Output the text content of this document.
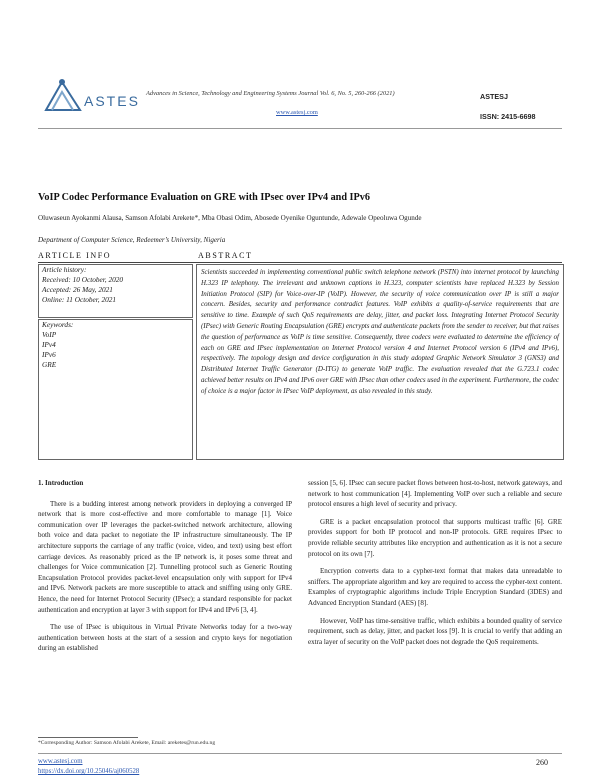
ASTES Advances in Science, Technology and Engineering Systems Journal Vol. 6, No. 5, 260-266 (2021)
www.astesj.com
ASTESJ
ISSN: 2415-6698
VoIP Codec Performance Evaluation on GRE with IPsec over IPv4 and IPv6
Oluwaseun Ayokanmi Alausa, Samson Afolabi Arekete*, Mba Obasi Odim, Abosede Oyenike Oguntunde, Adewale Opeoluwa Ogunde
Department of Computer Science, Redeemer’s University, Nigeria
ARTICLE INFO	ABSTRACT
Article history:
Received: 10 October, 2020
Accepted: 26 May, 2021
Online: 11 October, 2021
Keywords:
VoIP
IPv4
IPv6
GRE
Scientists succeeded in implementing conventional public switch telephone network (PSTN) into internet protocol by launching H.323 IP telephony. The irrelevant and unknown captions in H.323, computer scientists have replaced H.323 by Session Initiation Protocol (SIP) for Voice-over-IP (VoIP). However, the security of voice communication over IP is still a major concern. Besides, security and performance contradict features. VoIP exhibits a quality-of-service requirements that are sensitive to time. Example of such QoS requirements are delay, jitter, and packet loss. Integrating Internet Protocol Security (IPsec) with Generic Routing Encapsulation (GRE) encrypts and authenticate packets from the sender to receiver, but that raises the question of performance as VoIP is time sensitive. Consequently, three codecs were evaluated to determine the efficiency of each on GRE and IPsec implementation on Internet Protocol version 4 and Internet Protocol version 6 (IPv4 and IPv6), respectively. The topology design and device configuration in this study adopted Graphic Network Simulator 3 (GNS3) and Distributed Internet Traffic Generator (D-ITG) to generate VoIP traffic. The evaluation revealed that the G.723.1 codec achieved better results on IPv4 and IPv6 over GRE with IPsec than other codecs used in the experiment. Furthermore, the codec of choice is a major factor in IPsec VoIP deployment, as also revealed in this study.

1. Introduction

There is a budding interest among network providers in deploying a converged IP network that is more cost-effective and more comfortable to manage [1]. Voice communication over IP leverages the packet-switched network architecture, allowing both voice and data packet to negotiate the IP infrastructure simultaneously. The IP architecture supports the carriage of any traffic (voice, video, and text) using best effort carriage devices. As reasonably priced as the IP network is, it poses some threat and challenges for Voice communication [2]. Tunnelling protocol such as Generic Routing Encapsulation Protocol provides packet-level encapsulation only with support for IPv4 and IPv6. Network packets are more susceptible to attack and sniffing using only GRE. Hence, the need for Internet Protocol Security (IPsec); a standard responsible for packet authentication and encryption at layer 3 with support for IPv4 and IPv6 [3, 4].

The use of IPsec is ubiquitous in Virtual Private Networks today for a two-way authentication between hosts at the start of a session and crypto keys for negotiation during an established

session [5, 6]. IPsec can secure packet flows between host-to-host, network gateways, and network to host communication [4]. Implementing VoIP over such a reliable and secure protocol ensures a high level of security and privacy.

GRE is a packet encapsulation protocol that supports multicast traffic [6]. GRE provides support for both IP protocol and non-IP protocols. GRE requires IPsec to provide reliable security attributes like encryption and authentication as it is not a secure protocol on its own [7].

Encryption converts data to a cypher-text format that makes data unreadable to sniffers. The appropriate algorithm and key are required to access the cypher-text content. Examples of cryptographic algorithms include Triple Encryption Standard (3DES) and Advanced Encryption Standard (AES) [8].

However, VoIP has time-sensitive traffic, which exhibits a bounded quality of service requirement, such as delay, jitter, and packet loss [9]. It is crucial to verify that adding an extra layer of security on the VoIP packet does not degrade the QoS requirements.

*Corresponding Author: Samson Afolabi Arekete, Email: areketes@run.edu.ng
www.astesj.com
https://dx.doi.org/10.25046/aj060528
260
